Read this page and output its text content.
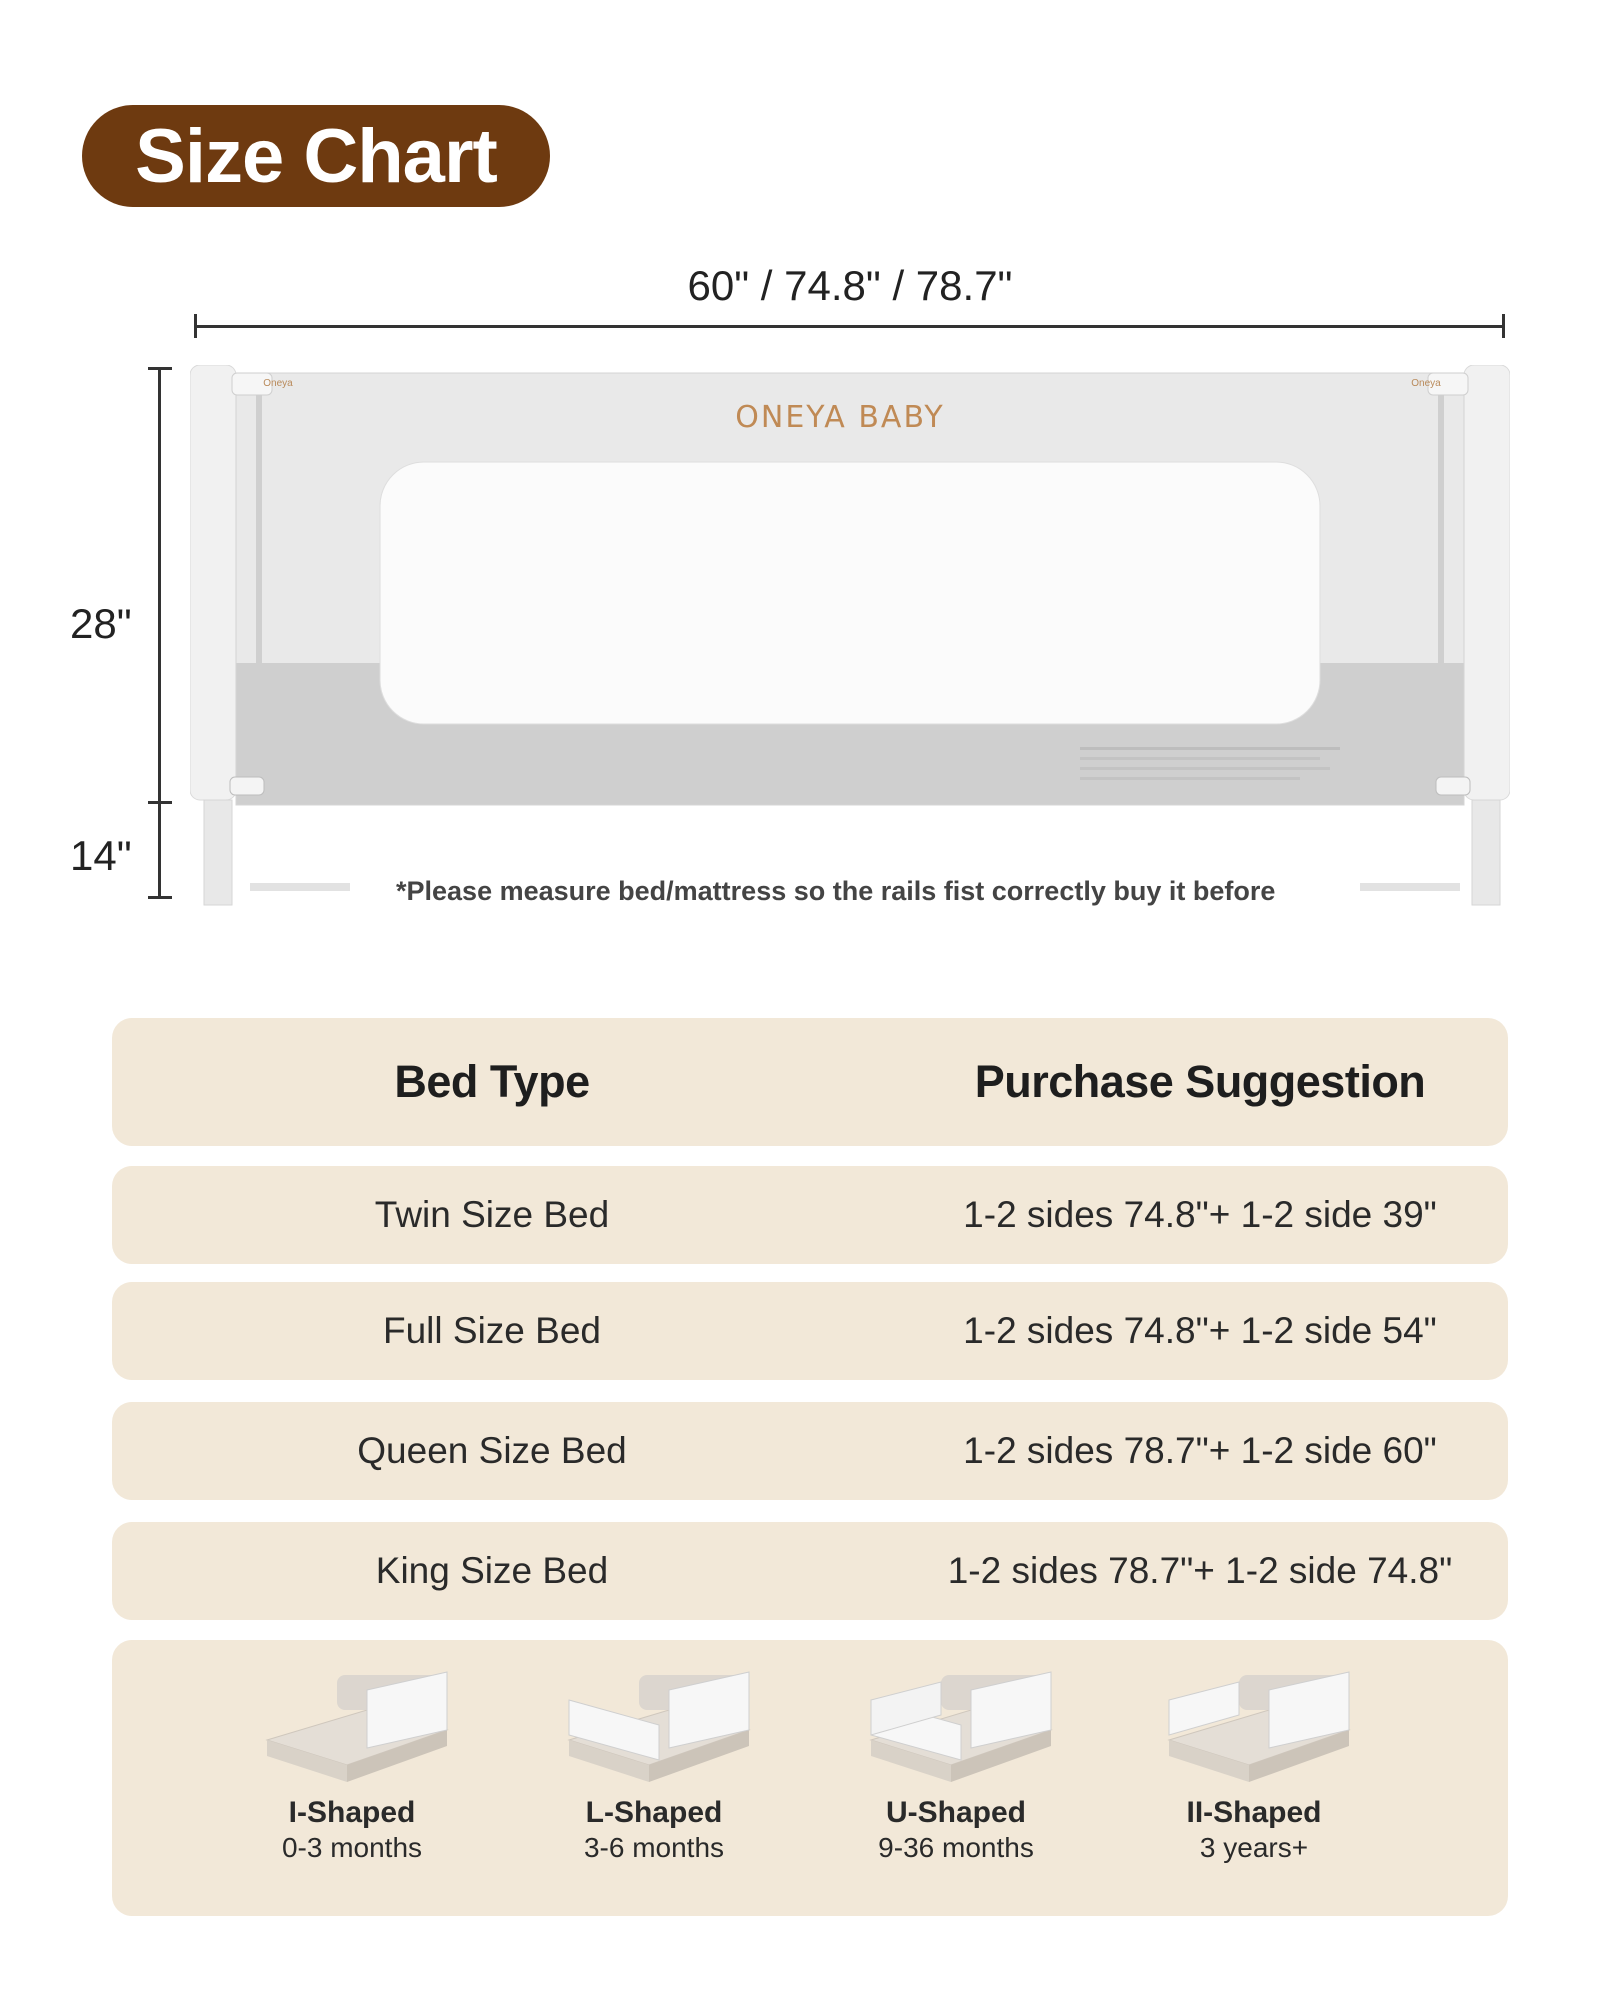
Size Chart
60" / 74.8" / 78.7"
28"
14"
ONEYA BABY
Oneya	Oneya
*Please measure bed/mattress so the rails fist correctly buy it before
Bed Type	Purchase Suggestion
Twin Size Bed	1-2 sides 74.8"+ 1-2 side 39"
Full Size Bed	1-2 sides 74.8"+ 1-2 side 54"
Queen Size Bed	1-2 sides 78.7"+ 1-2 side 60"
King Size Bed	1-2 sides 78.7"+ 1-2 side 74.8"
I-Shaped
0-3 months
L-Shaped
3-6 months
U-Shaped
9-36 months
II-Shaped
3 years+
